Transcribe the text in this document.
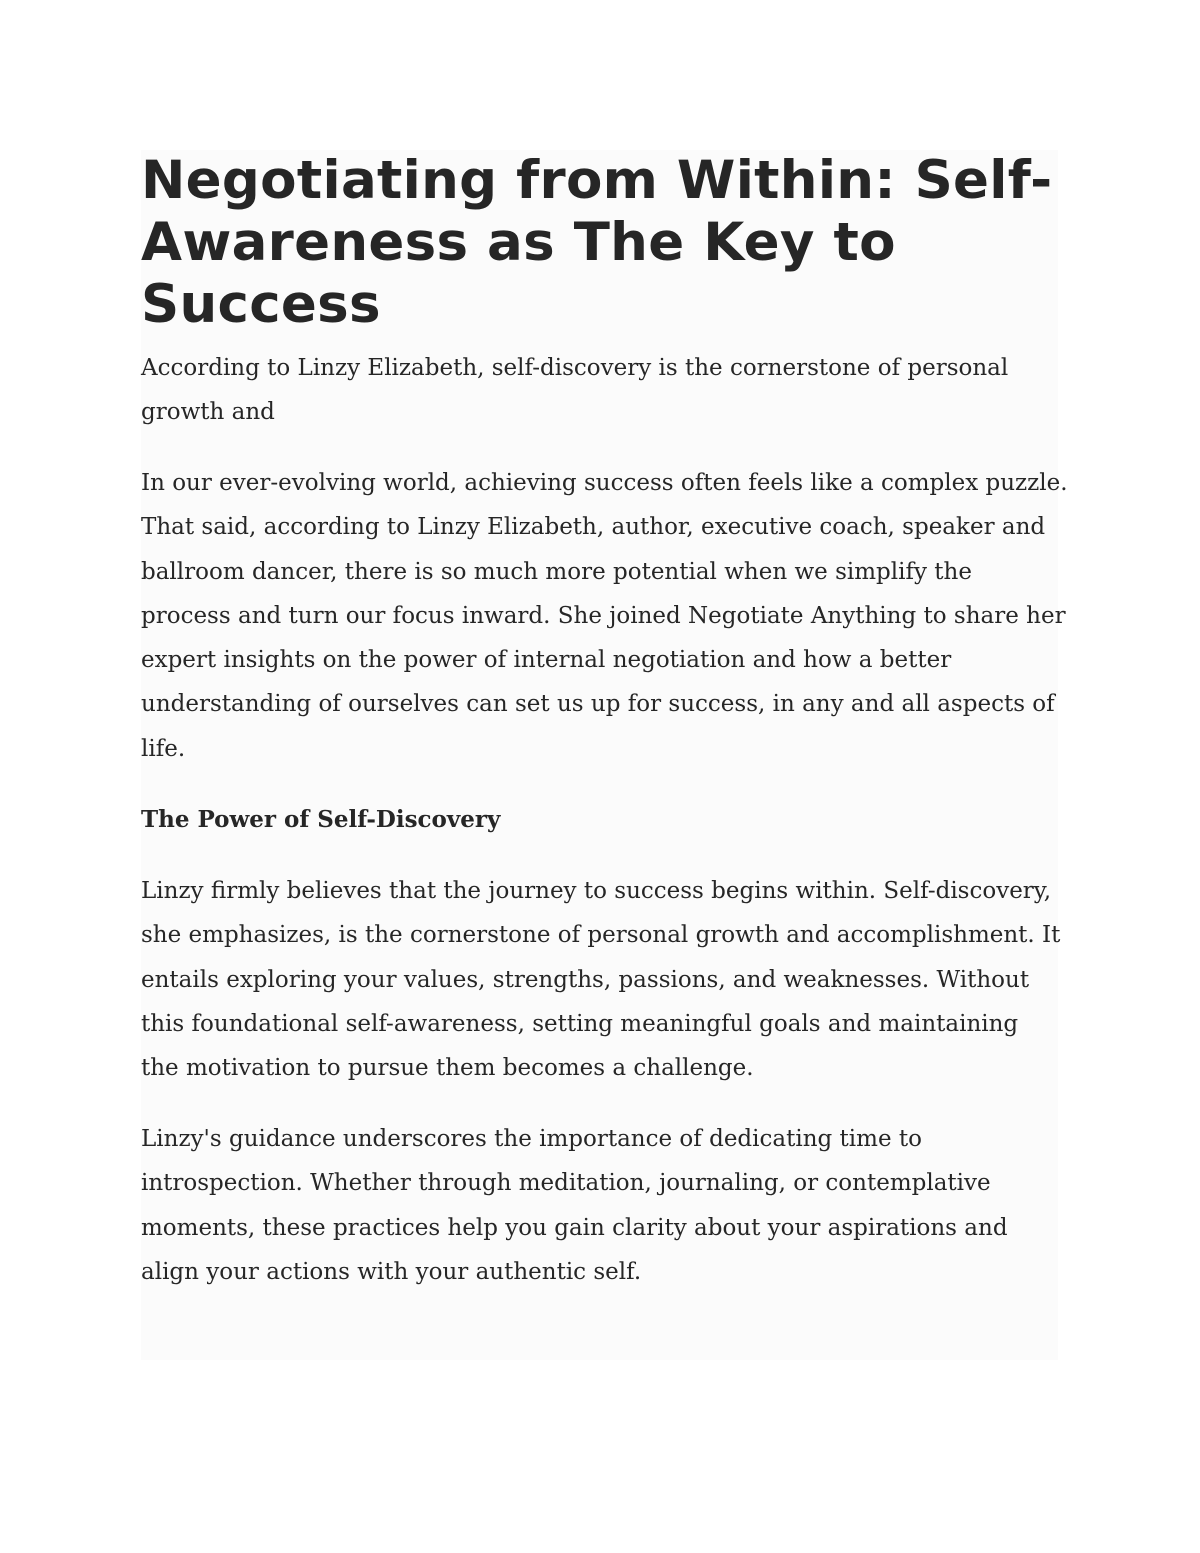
Negotiating from Within: Self-
Awareness as The Key to
Success

According to Linzy Elizabeth, self-discovery is the cornerstone of personal
growth and

In our ever-evolving world, achieving success often feels like a complex puzzle.
That said, according to Linzy Elizabeth, author, executive coach, speaker and
ballroom dancer, there is so much more potential when we simplify the
process and turn our focus inward. She joined Negotiate Anything to share her
expert insights on the power of internal negotiation and how a better
understanding of ourselves can set us up for success, in any and all aspects of
life.

The Power of Self-Discovery

Linzy firmly believes that the journey to success begins within. Self-discovery,
she emphasizes, is the cornerstone of personal growth and accomplishment. It
entails exploring your values, strengths, passions, and weaknesses. Without
this foundational self-awareness, setting meaningful goals and maintaining
the motivation to pursue them becomes a challenge.

Linzy's guidance underscores the importance of dedicating time to
introspection. Whether through meditation, journaling, or contemplative
moments, these practices help you gain clarity about your aspirations and
align your actions with your authentic self.
